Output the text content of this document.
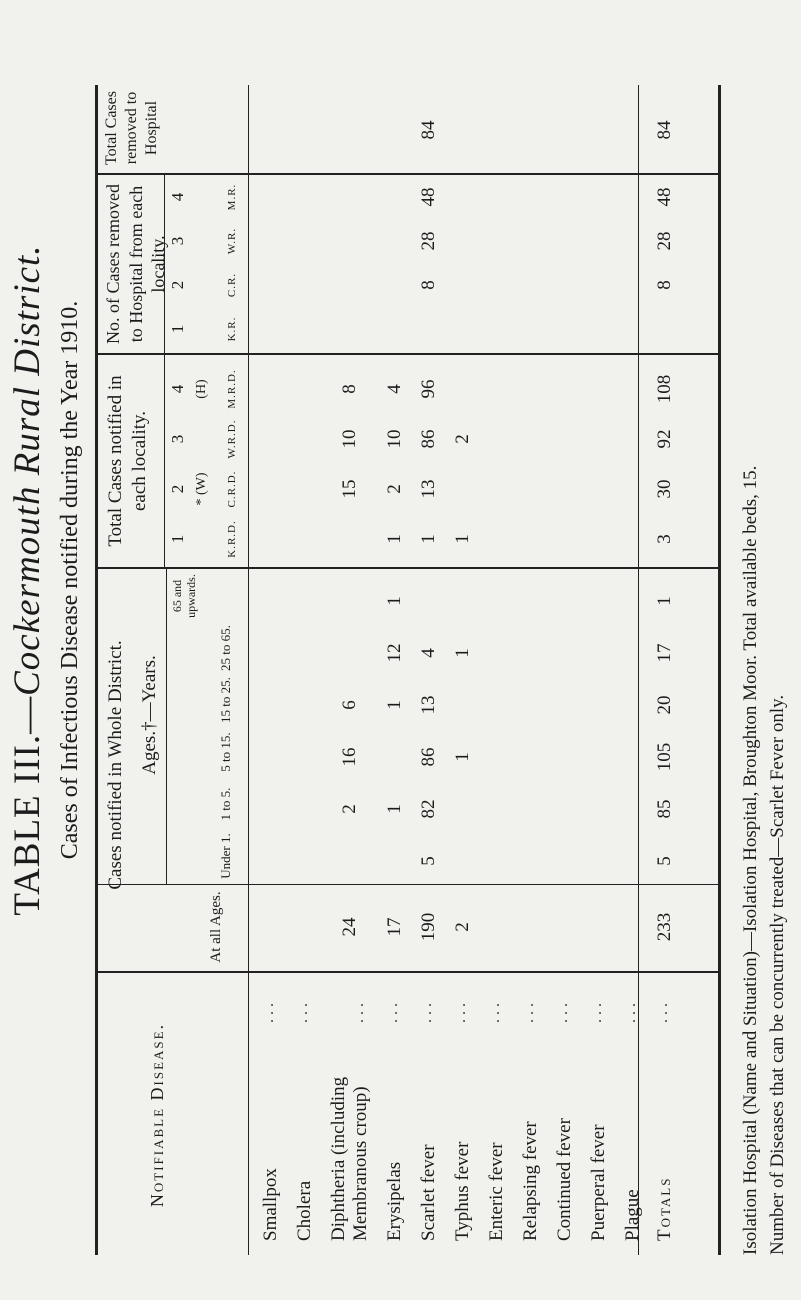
TABLE III.—Cockermouth Rural District. Cases of Infectious Disease notified during the Year 1910.
Notifiable Disease.
Cases notified in Whole District. Ages.†—Years.
Total Cases notified in each locality.
No. of Cases removed to Hospital from each locality.
Total Cases removed to Hospital
At all Ages.
Under 1.
1 to 5.
5 to 15.
15 to 25.
25 to 65.
65 and upwards.
1
2
3
4
* (W)
(H)
K.R.D.
C.R.D.
W.R.D.
M.R.D.
1
2
3
4
K.R.
C.R.
W.R.
M.R.
Smallpox
. . .
Cholera
. . .
Diphtheria (including Membranous croup)
. . .
24
2
16
6
15
10
8
Erysipelas
. . .
17
1
1
12
1
1
2
10
4
Scarlet fever
. . .
190
5
82
86
13
4
1
13
86
96
8
28
48
84
Typhus fever
. . .
2
1
1
1
2
Enteric fever
. . .
Relapsing fever
. . .
Continued fever
. . .
Puerperal fever
. . .
Plague
. . .
Totals
. . .
233
5
85
105
20
17
1
3
30
92
108
8
28
48
84
Isolation Hospital (Name and Situation)—Isolation Hospital, Broughton Moor. Total available beds, 15. Number of Diseases that can be concurrently treated—Scarlet Fever only.
